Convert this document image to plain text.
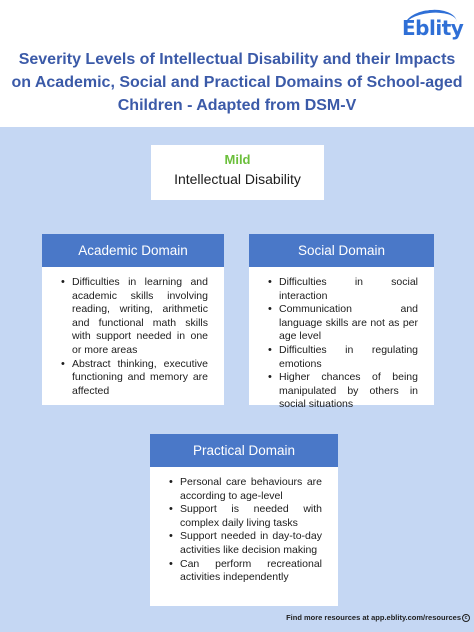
Eblity
Severity Levels of Intellectual Disability and their Impacts on Academic, Social and Practical Domains of School-aged Children - Adapted from DSM-V
Mild
Intellectual Disability
Academic Domain
• Difficulties in learning and academic skills involving reading, writing, arithmetic and functional math skills with support needed in one or more areas
• Abstract thinking, executive functioning and memory are affected
Social Domain
• Difficulties in social interaction
• Communication and language skills are not as per age level
• Difficulties in regulating emotions
• Higher chances of being manipulated by others in social situations
Practical Domain
• Personal care behaviours are according to age-level
• Support is needed with complex daily living tasks
• Support needed in day-to-day activities like decision making
• Can perform recreational activities independently
Find more resources at app.eblity.com/resources c
